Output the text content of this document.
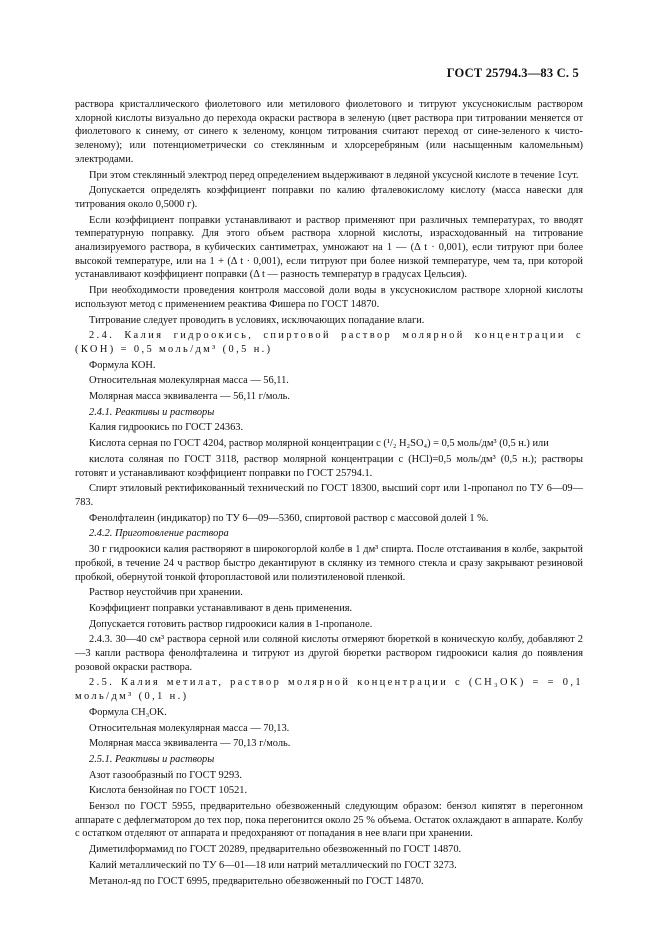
ГОСТ 25794.3—83 С. 5

раствора кристаллического фиолетового или метилового фиолетового и титруют уксуснокислым раствором хлорной кислоты визуально до перехода окраски раствора в зеленую (цвет раствора при титровании меняется от фиолетового к синему, от синего к зеленому, концом титрования считают переход от сине-зеленого к чисто-зеленому); или потенциометрически со стеклянным и хлорсеребряным (или насыщенным каломельным) электродами.

При этом стеклянный электрод перед определением выдерживают в ледяной уксусной кислоте в течение 1сут.

Допускается определять коэффициент поправки по калию фталевокислому кислоту (масса навески для титрования около 0,5000 г).

Если коэффициент поправки устанавливают и раствор применяют при различных температурах, то вводят температурную поправку. Для этого объем раствора хлорной кислоты, израсходованный на титрование анализируемого раствора, в кубических сантиметрах, умножают на 1 — (Δ t · 0,001), если титруют при более высокой температуре, или на 1 + (Δ t · 0,001), если титруют при более низкой температуре, чем та, при которой устанавливают коэффициент поправки (Δ t — разность температур в градусах Цельсия).

При необходимости проведения контроля массовой доли воды в уксуснокислом растворе хлорной кислоты используют метод с применением реактива Фишера по ГОСТ 14870.

Титрование следует проводить в условиях, исключающих попадание влаги.

2.4. Калия гидроокись, спиртовой раствор молярной концентрации c (КОН) = 0,5 моль/дм³ (0,5 н.)

Формула КОН.

Относительная молекулярная масса — 56,11.

Молярная масса эквивалента — 56,11 г/моль.

2.4.1. Реактивы и растворы

Калия гидроокись по ГОСТ 24363.

Кислота серная по ГОСТ 4204, раствор молярной концентрации c (¹/₂ H₂SO₄) = 0,5 моль/дм³ (0,5 н.) или

кислота соляная по ГОСТ 3118, раствор молярной концентрации c (HCl)=0,5 моль/дм³ (0,5 н.); растворы готовят и устанавливают коэффициент поправки по ГОСТ 25794.1.

Спирт этиловый ректификованный технический по ГОСТ 18300, высший сорт или 1-пропанол по ТУ 6—09—783.

Фенолфталеин (индикатор) по ТУ 6—09—5360, спиртовой раствор с массовой долей 1 %.

2.4.2. Приготовление раствора

30 г гидроокиси калия растворяют в широкогорлой колбе в 1 дм³ спирта. После отстаивания в колбе, закрытой пробкой, в течение 24 ч раствор быстро декантируют в склянку из темного стекла и сразу закрывают резиновой пробкой, обернутой тонкой фторопластовой или полиэтиленовой пленкой.

Раствор неустойчив при хранении.

Коэффициент поправки устанавливают в день применения.

Допускается готовить раствор гидроокиси калия в 1-пропаноле.

2.4.3. 30—40 см³ раствора серной или соляной кислоты отмеряют бюреткой в коническую колбу, добавляют 2—3 капли раствора фенолфталеина и титруют из другой бюретки раствором гидроокиси калия до появления розовой окраски раствора.

2.5. Калия метилат, раствор молярной концентрации c (CH₃OK) = = 0,1 моль/дм³ (0,1 н.)

Формула CH₃OK.

Относительная молекулярная масса — 70,13.

Молярная масса эквивалента — 70,13 г/моль.

2.5.1. Реактивы и растворы

Азот газообразный по ГОСТ 9293.

Кислота бензойная по ГОСТ 10521.

Бензол по ГОСТ 5955, предварительно обезвоженный следующим образом: бензол кипятят в перегонном аппарате с дефлегматором до тех пор, пока перегонится около 25 % объема. Остаток охлаждают в аппарате. Колбу с остатком отделяют от аппарата и предохраняют от попадания в нее влаги при хранении.

Диметилформамид по ГОСТ 20289, предварительно обезвоженный по ГОСТ 14870.

Калий металлический по ТУ 6—01—18 или натрий металлический по ГОСТ 3273.

Метанол-яд по ГОСТ 6995, предварительно обезвоженный по ГОСТ 14870.
